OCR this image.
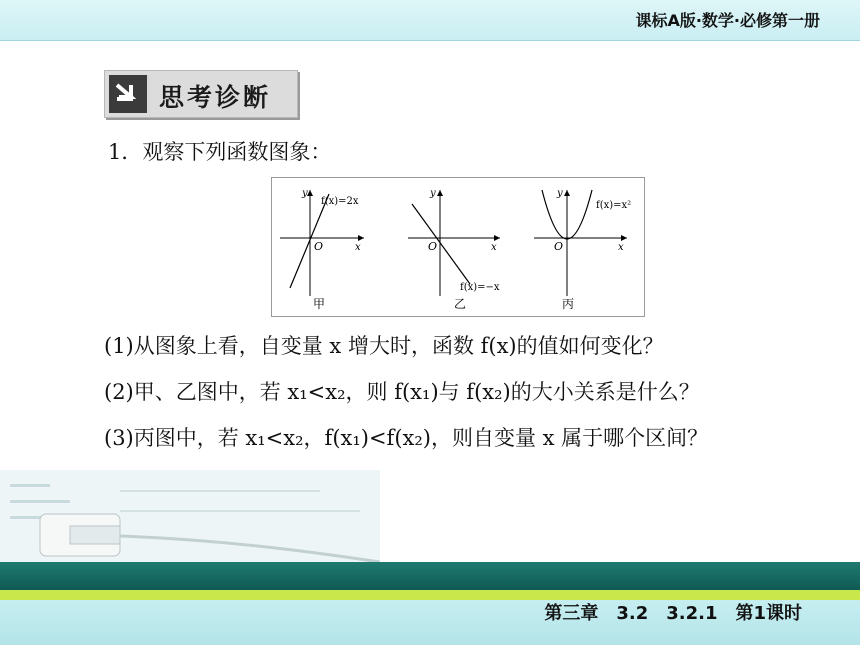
课标A版·数学·必修第一册
思考诊断
1．观察下列函数图象：
y
x
O
f(x)=2x
甲
y
x
O
f(x)=−x
乙
y
x
O
f(x)=x²
丙
(1)从图象上看，自变量 x 增大时，函数 f(x)的值如何变化？
(2)甲、乙图中，若 x₁<x₂，则 f(x₁)与 f(x₂)的大小关系是什么？
(3)丙图中，若 x₁<x₂，f(x₁)<f(x₂)，则自变量 x 属于哪个区间？
第三章　3.2　3.2.1　第1课时
